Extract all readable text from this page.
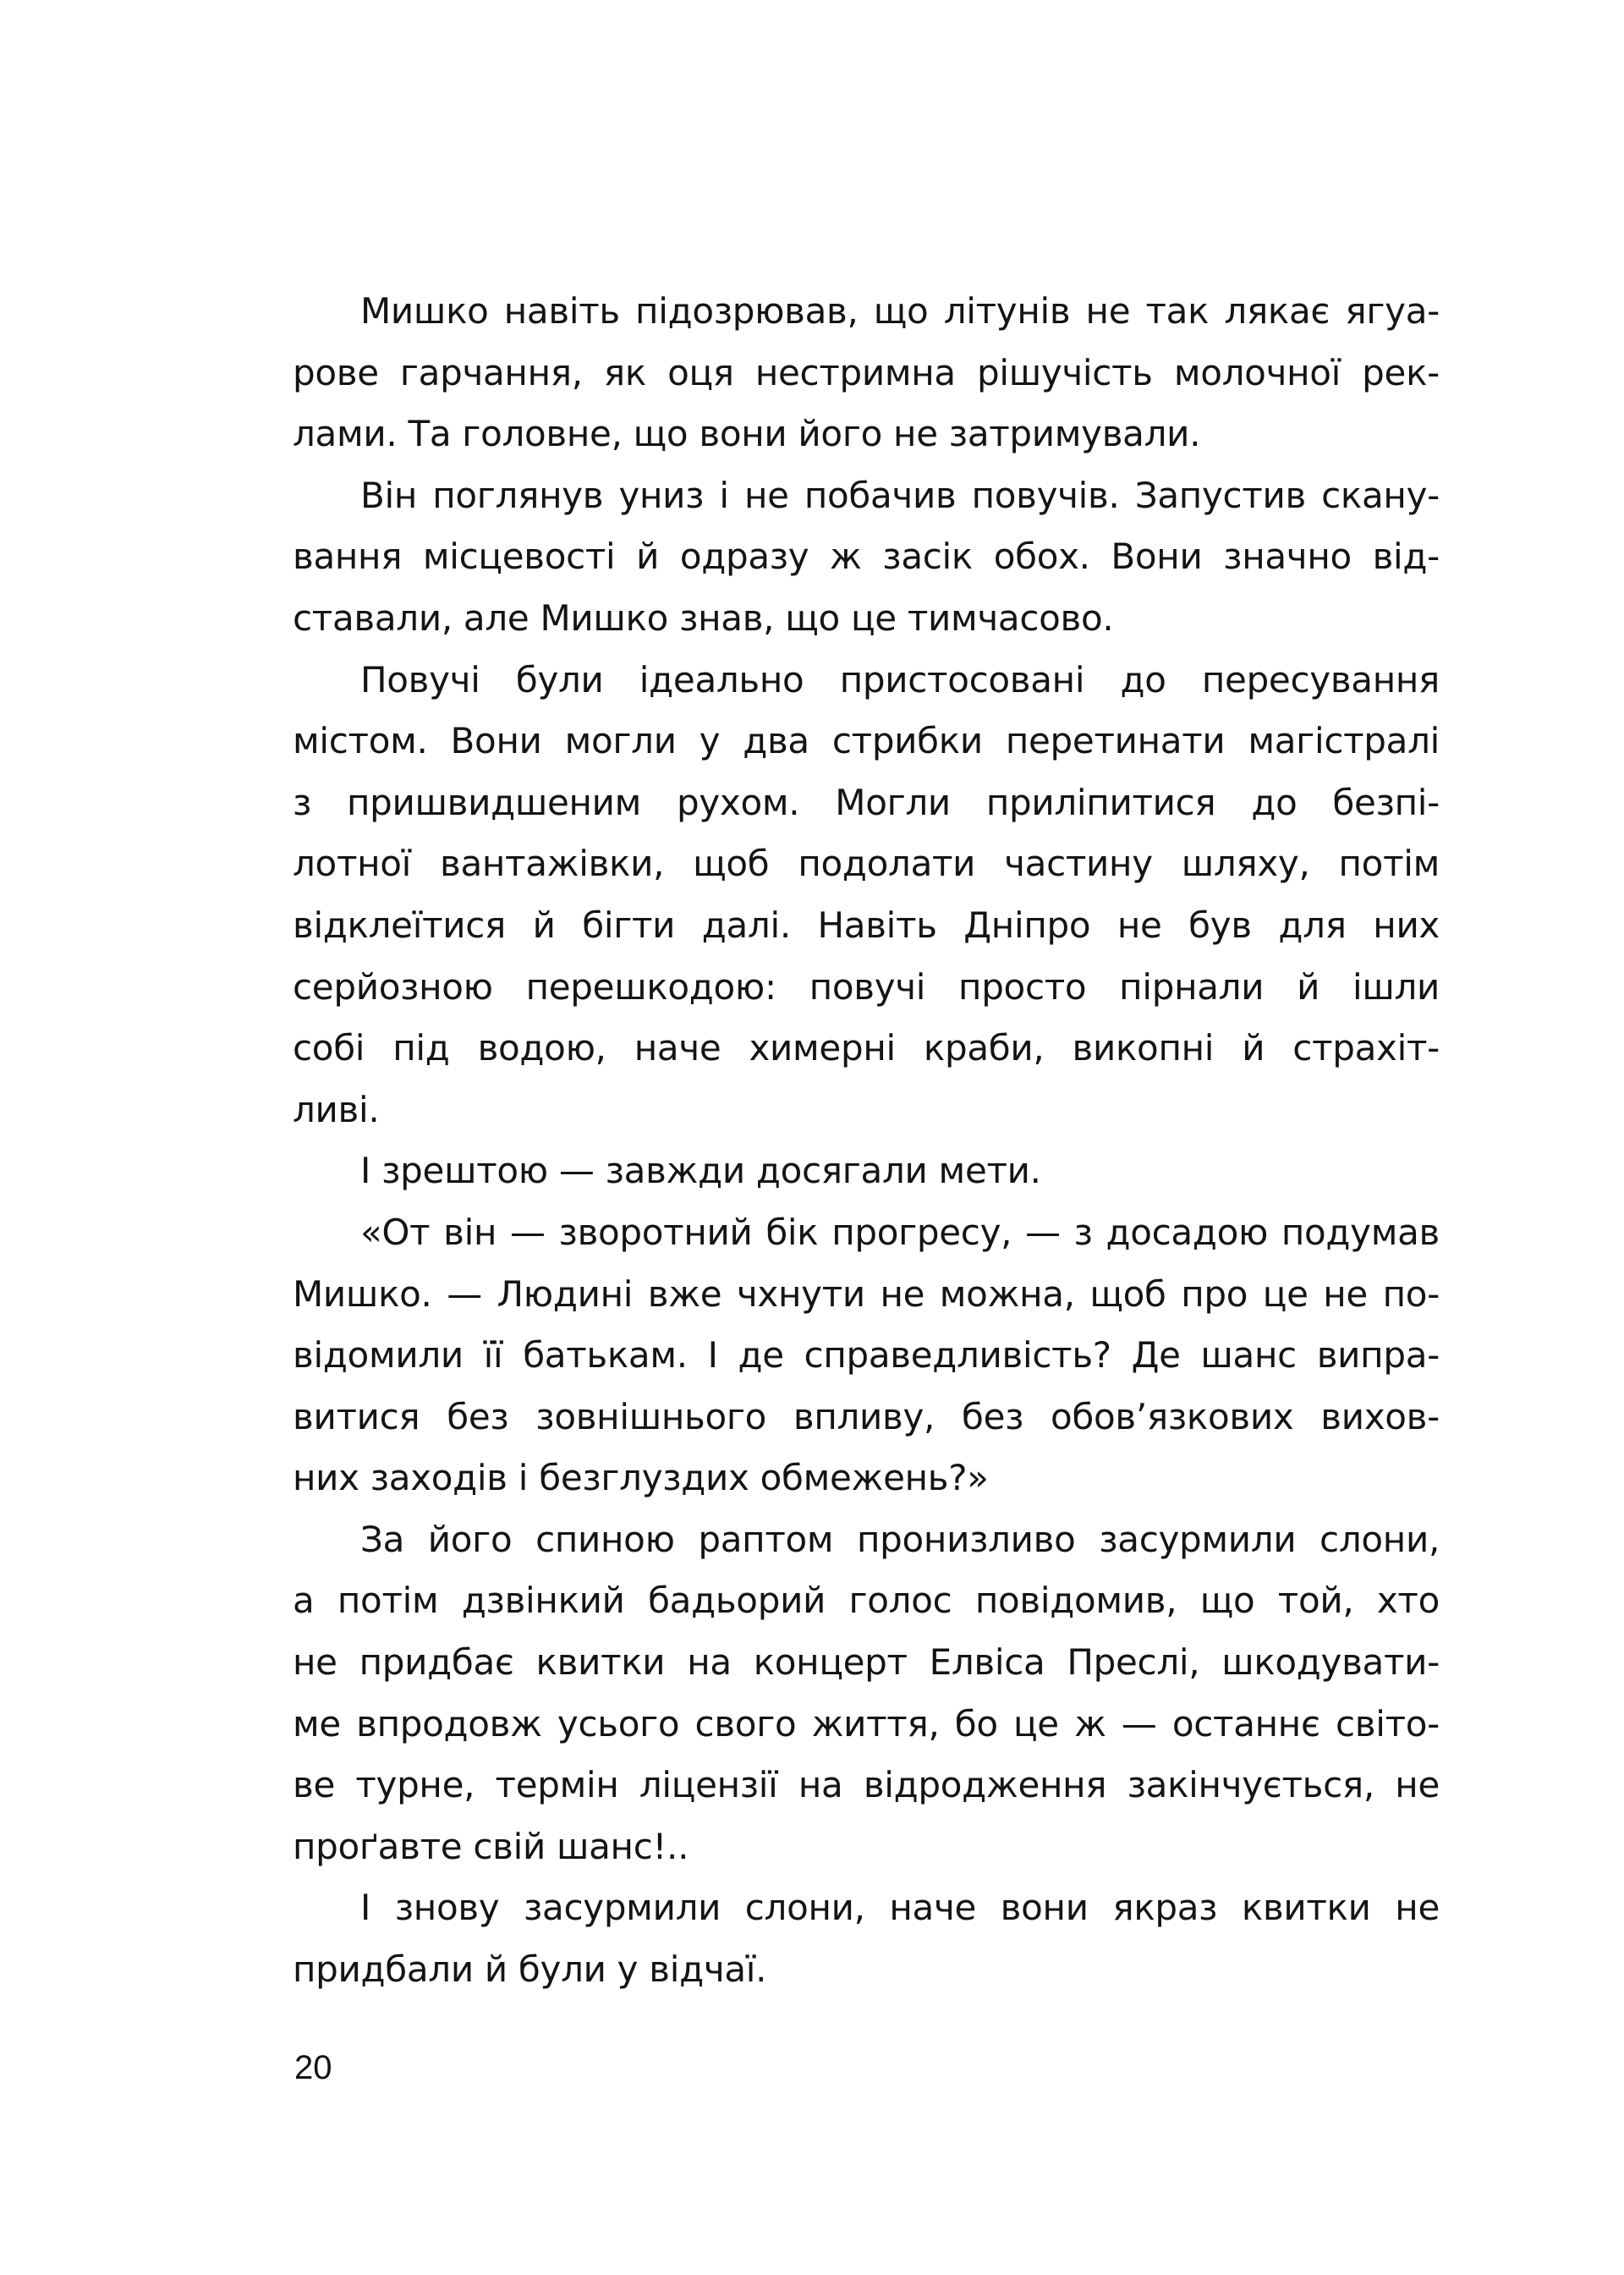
Мишко навіть підозрював, що літунів не так лякає ягуа-
рове гарчання, як оця нестримна рішучість молочної рек-
лами. Та головне, що вони його не затримували.
Він поглянув униз і не побачив повучів. Запустив скану-
вання місцевості й одразу ж засік обох. Вони значно від-
ставали, але Мишко знав, що це тимчасово.
Повучі були ідеально пристосовані до пересування
містом. Вони могли у два стрибки перетинати магістралі
з пришвидшеним рухом. Могли приліпитися до безпі-
лотної вантажівки, щоб подолати частину шляху, потім
відклеїтися й бігти далі. Навіть Дніпро не був для них
серйозною перешкодою: повучі просто пірнали й ішли
собі під водою, наче химерні краби, викопні й страхіт-
ливі.
І зрештою — завжди досягали мети.
«От він — зворотний бік прогресу, — з досадою подумав
Мишко. — Людині вже чхнути не можна, щоб про це не по-
відомили її батькам. І де справедливість? Де шанс випра-
витися без зовнішнього впливу, без обов’язкових вихов-
них заходів і безглуздих обмежень?»
За його спиною раптом пронизливо засурмили слони,
а потім дзвінкий бадьорий голос повідомив, що той, хто
не придбає квитки на концерт Елвіса Преслі, шкодувати-
ме впродовж усього свого життя, бо це ж — останнє світо-
ве турне, термін ліцензії на відродження закінчується, не
проґавте свій шанс!..
І знову засурмили слони, наче вони якраз квитки не
придбали й були у відчаї.
20
